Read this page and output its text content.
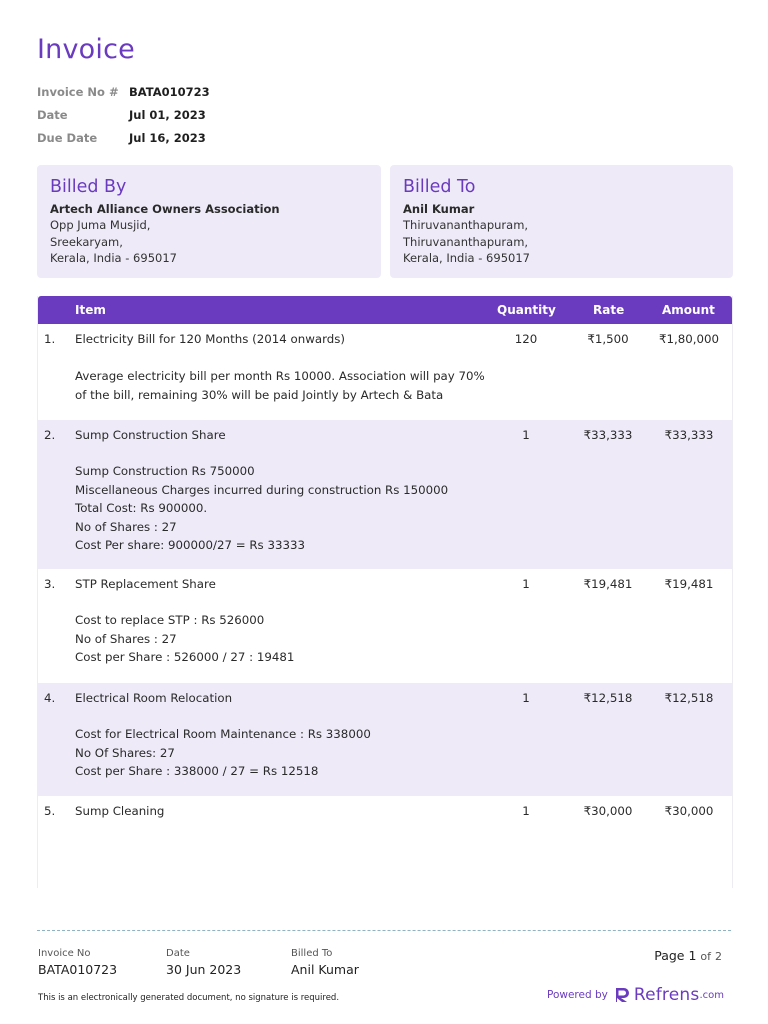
Invoice
Invoice No # BATA010723
Date	Jul 01, 2023
Due Date	Jul 16, 2023
Billed By
Artech Alliance Owners Association
Opp Juma Musjid,
Sreekaryam,
Kerala, India - 695017
Billed To
Anil Kumar
Thiruvananthapuram,
Thiruvananthapuram,
Kerala, India - 695017
Item	Quantity	Rate	Amount
1. Electricity Bill for 120 Months (2014 onwards)	120	₹1,500	₹1,80,000
Average electricity bill per month Rs 10000. Association will pay 70%
of the bill, remaining 30% will be paid Jointly by Artech & Bata
2. Sump Construction Share	1	₹33,333	₹33,333
Sump Construction Rs 750000
Miscellaneous Charges incurred during construction Rs 150000
Total Cost: Rs 900000.
No of Shares : 27
Cost Per share: 900000/27 = Rs 33333
3. STP Replacement Share	1	₹19,481	₹19,481
Cost to replace STP : Rs 526000
No of Shares : 27
Cost per Share : 526000 / 27 : 19481
4. Electrical Room Relocation	1	₹12,518	₹12,518
Cost for Electrical Room Maintenance : Rs 338000
No Of Shares: 27
Cost per Share : 338000 / 27 = Rs 12518
5. Sump Cleaning	1	₹30,000	₹30,000
Invoice No
BATA010723
Date
30 Jun 2023
Billed To
Anil Kumar
Page 1 of 2
This is an electronically generated document, no signature is required.	Powered by Refrens .com
